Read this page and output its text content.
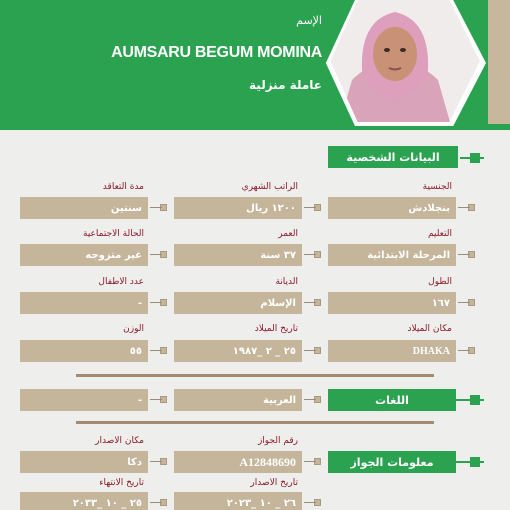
الإسم
AUMSARU BEGUM MOMINA
عاملة منزلية
البيانات الشخصية
الجنسية
بنجلادش
الراتب الشهري
١٢٠٠ ريال
مدة التعاقد
سنتين
التعليم
المرحلة الابتدائية
العمر
٣٧ سنة
الحالة الاجتماعية
غير متزوجه
الطول
١٦٧
الديانة
الإسلام
عدد الاطفال
-
مكان الميلاد
DHAKA
تاريخ الميلاد
٢٥ _ ٢ _١٩٨٧
الوزن
٥٥
اللغات
العربية
-
معلومات الجواز
رقم الجواز
A12848690
مكان الاصدار
دكا
تاريخ الاصدار
٢٦ _ ١٠ _٢٠٢٣
تاريخ الانتهاء
٢٥ _ ١٠ _٢٠٣٣
